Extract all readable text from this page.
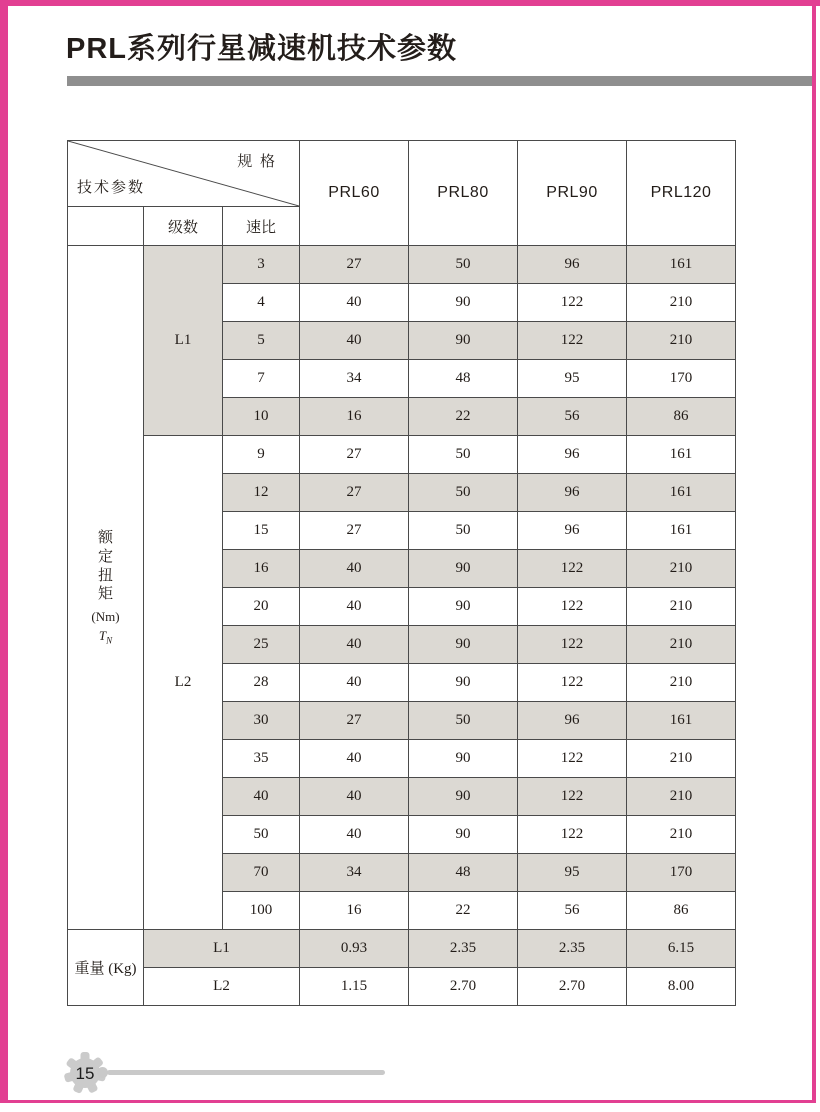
PRL系列行星减速机技术参数
规 格
技术参数			PRL60	PRL80	PRL90	PRL120
	级数	速比				

额
定
扭
矩
(Nm)
$T_N$
	L1	3	27	50	96	161
		4	40	90	122	210
		5	40	90	122	210
		7	34	48	95	170
		10	16	22	56	86
	L2	9	27	50	96	161
		12	27	50	96	161
		15	27	50	96	161
		16	40	90	122	210
		20	40	90	122	210
		25	40	90	122	210
		28	40	90	122	210
		30	27	50	96	161
		35	40	90	122	210
		40	40	90	122	210
		50	40	90	122	210
		70	34	48	95	170
		100	16	22	56	86
重量 (Kg)	L1		0.93	2.35	2.35	6.15
	L2		1.15	2.70	2.70	8.00
15
